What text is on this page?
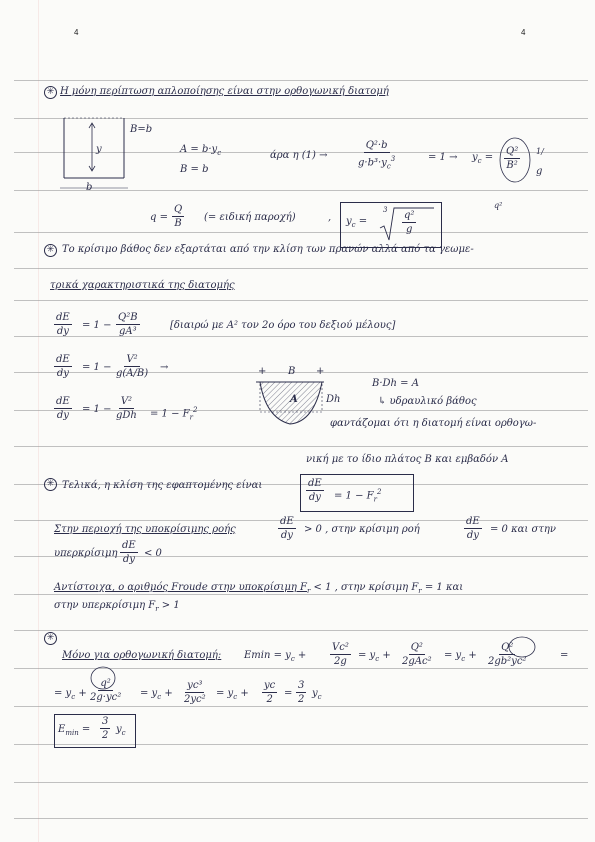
4	4
✳ Η μόνη περίπτωση απλοποίησης είναι στην ορθογωνική διατομή
y
B=b
b
$A = b\cdot y_c$
B = b
άρα η (1) →	$\frac{\text{Q²·b}}{g\cdot b^3\cdot y_c^3}$	= $1 \to y_c = \frac{\text{Q²}}{\text{B²}} 1/$
g
q²
$q = \frac{Q}{B}$ (= ειδική παροχή)	, $y_c$ =
$3 \frac{\text{q²}}{g}$
✳ Το κρίσιμο βάθος δεν εξαρτάται από την κλίση των πρανών αλλά από τα γεωμε-
τρικά χαρακτηριστικά της διατομής
$\frac{dE}{dy} = 1 - \frac{\text{Q²B}}{\text{gA³}}$	[διαιρώ με A² τον 2ο όρο του δεξιού μέλους]
$\frac{dE}{dy} = 1 - \frac{\text{V²}}{g(A/B)}$ →
$\frac{dE}{dy} = 1$ −
V²
gDh = $1 - F_r^2$
+ B +
A	Dh
B·Dh = A
↳ υδραυλικό βάθος
φαντάζομαι ότι η διατομή είναι ορθογω-
νική με το ίδιο πλάτος B και εμβαδόν A
✳ Τελικά, η κλίση της εφαπτομένης είναι	$\frac{dE}{dy} = 1 - F_r^2$
Στην περιοχή της υποκρίσιμης ροής	$\frac{dE}{dy} > 0$ , στην κρίσιμη ροή	$\frac{dE}{dy} = 0$ και στην
υπερκρίσιμη $\frac{dE}{dy} < 0$
Αντίστοιχα, ο αριθμός Froude στην υποκρίσιμη $F_r < 1$ , στην κρίσιμη $F_r = 1$ και
στην υπερκρίσιμη $F_r > 1$
✳
Μόνο για ορθογωνική διατομή: $Emin = y_c + \frac{\text{Vc²}}{2g} = y_c$ +
Q²
2gAc²
= $y_c + \frac{\text{Q²}}{\text{2gb²yc²}}$	=
= $y_c + \frac{\text{q²}}{\text{2g·yc²}} = y_c + \frac{\text{yc³}}{\text{2yc²}} = y_c + \frac{yc}{2} = \frac{3}{2} y_c$
$E_{min} = \frac{3}{2} y_c$
